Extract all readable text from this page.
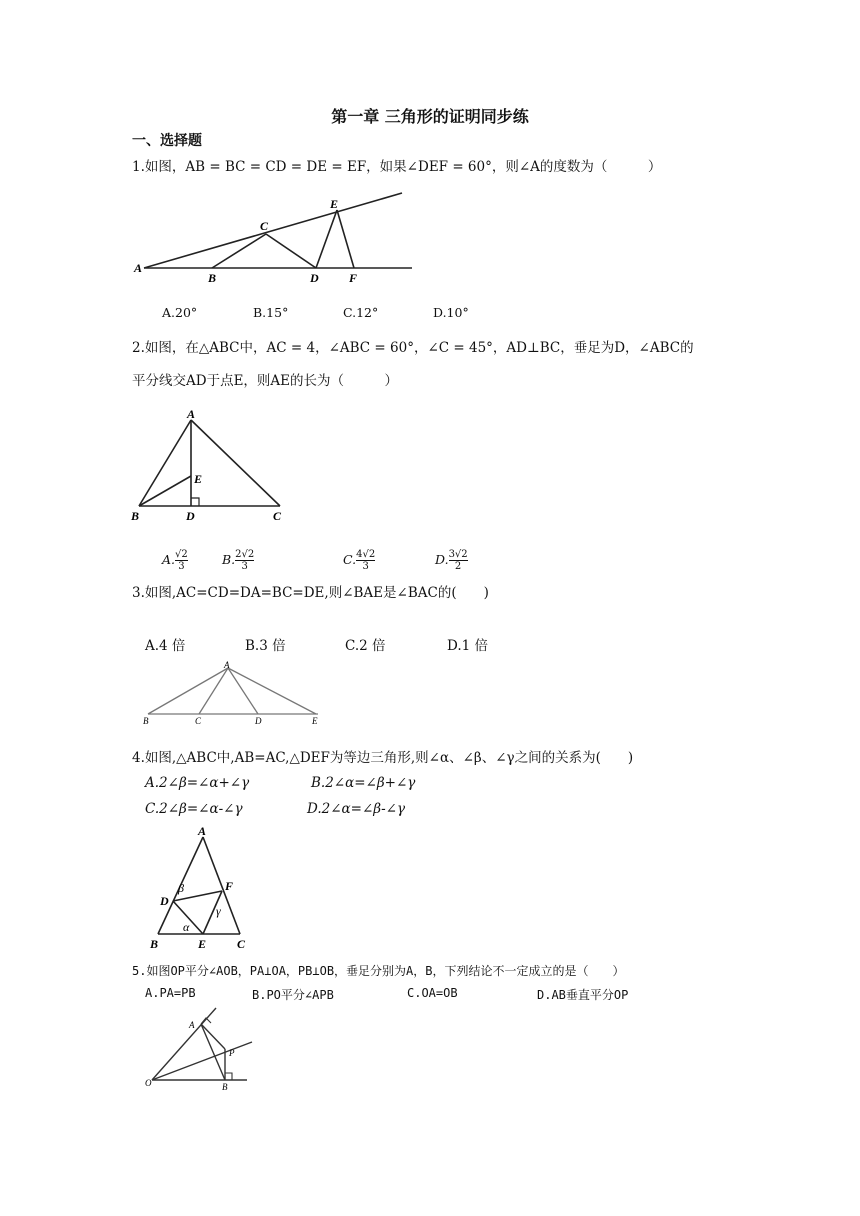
第一章 三角形的证明同步练
一、选择题
1.如图，AB = BC = CD = DE = EF，如果∠DEF = 60°，则∠A的度数为（　　　）
A
B
C
D
E
F
A.20°	B.15°	C.12°	D.10°
2.如图，在△ABC中，AC = 4，∠ABC = 60°，∠C = 45°，AD⊥BC，垂足为D，∠ABC的
平分线交AD于点E，则AE的长为（　　　）
A
E
B	D	C
A. $\frac{√2}{3}$	B. $\frac{2√2}{3}$	C. $\frac{4√2}{3}$	D. $\frac{3√2}{2}$
3.如图,AC=CD=DA=BC=DE,则∠BAE是∠BAC的(　　)
A.4 倍	B.3 倍	C.2 倍	D.1 倍
A
B	C	D	E
4.如图,△ABC中,AB=AC,△DEF为等边三角形,则∠α、∠β、∠γ之间的关系为(　　)
A.2∠β=∠α+∠γ	B.2∠α=∠β+∠γ
C.2∠β=∠α-∠γ	D.2∠α=∠β-∠γ
A
D
β	F
γ
α
B	E	C
5.如图OP平分∠AOB，PA⊥OA，PB⊥OB，垂足分别为A，B，下列结论不一定成立的是（　　）
A.PA=PB	B.PO平分∠APB	C.OA=OB	D.AB垂直平分OP
A
P
O	B
